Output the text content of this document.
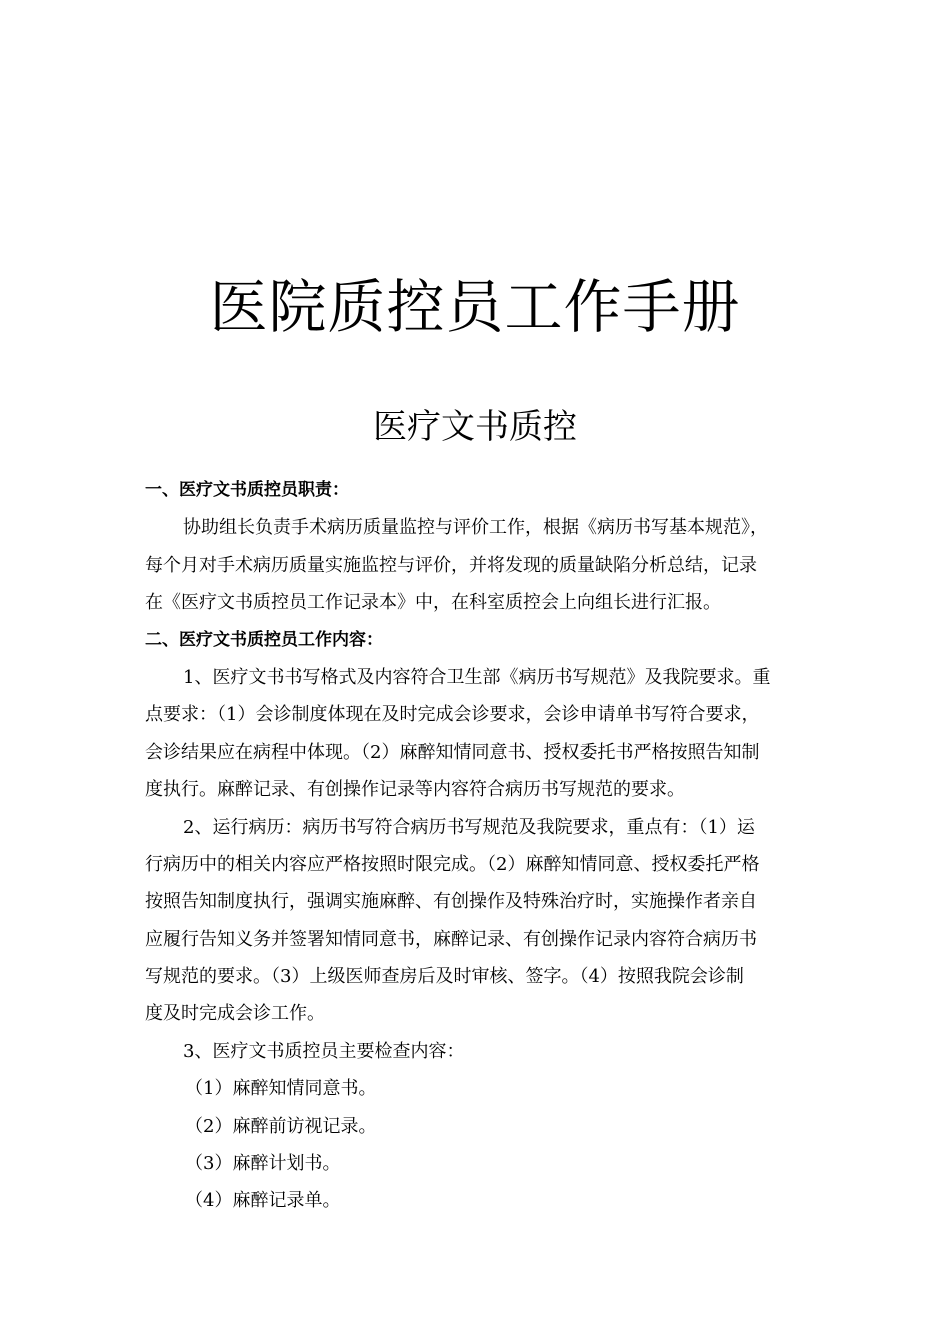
医院质控员工作手册
医疗文书质控
一、医疗文书质控员职责：
协助组长负责手术病历质量监控与评价工作，根据《病历书写基本规范》，
每个月对手术病历质量实施监控与评价，并将发现的质量缺陷分析总结，记录
在《医疗文书质控员工作记录本》中，在科室质控会上向组长进行汇报。
二、医疗文书质控员工作内容：
1、医疗文书书写格式及内容符合卫生部《病历书写规范》及我院要求。重
点要求：（1）会诊制度体现在及时完成会诊要求，会诊申请单书写符合要求，
会诊结果应在病程中体现。（2）麻醉知情同意书、授权委托书严格按照告知制
度执行。麻醉记录、有创操作记录等内容符合病历书写规范的要求。
2、运行病历：病历书写符合病历书写规范及我院要求，重点有：（1）运
行病历中的相关内容应严格按照时限完成。（2）麻醉知情同意、授权委托严格
按照告知制度执行，强调实施麻醉、有创操作及特殊治疗时，实施操作者亲自
应履行告知义务并签署知情同意书，麻醉记录、有创操作记录内容符合病历书
写规范的要求。（3）上级医师查房后及时审核、签字。（4）按照我院会诊制
度及时完成会诊工作。
3、医疗文书质控员主要检查内容：
（1）麻醉知情同意书。
（2）麻醉前访视记录。
（3）麻醉计划书。
（4）麻醉记录单。
